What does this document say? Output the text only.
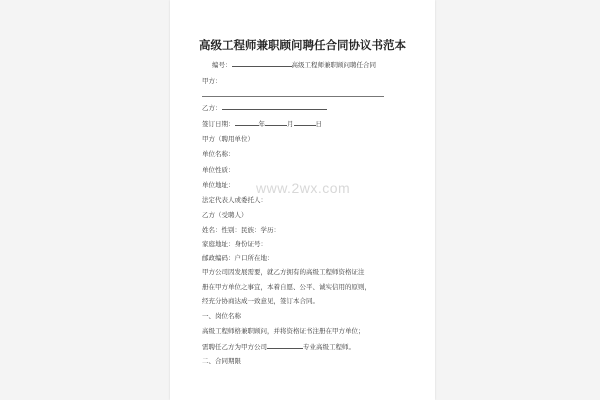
高级工程师兼职顾问聘任合同协议书范本
编号：	高级工程师兼职顾问聘任合同
甲方：
乙方：
签订日期：	年	月	日
甲方（聘用单位）
单位名称：
单位性质：
单位地址：
法定代表人或委托人：
乙方（受聘人）
姓名：性别：民族：学历：
家庭地址：身份证号：
邮政编码：户口所在地：
甲方公司因发展需要，就乙方拥有的高级工程师资格证注
册在甲方单位之事宜，本着自愿、公平、诚实信用的原则，
经充分协商达成一致意见，签订本合同。
一、岗位名称
高级工程师格兼职顾问，并将资格证书注册在甲方单位；
需聘任乙方为甲方公司	专业高级工程师。
二、合同期限
www.2wx.com
